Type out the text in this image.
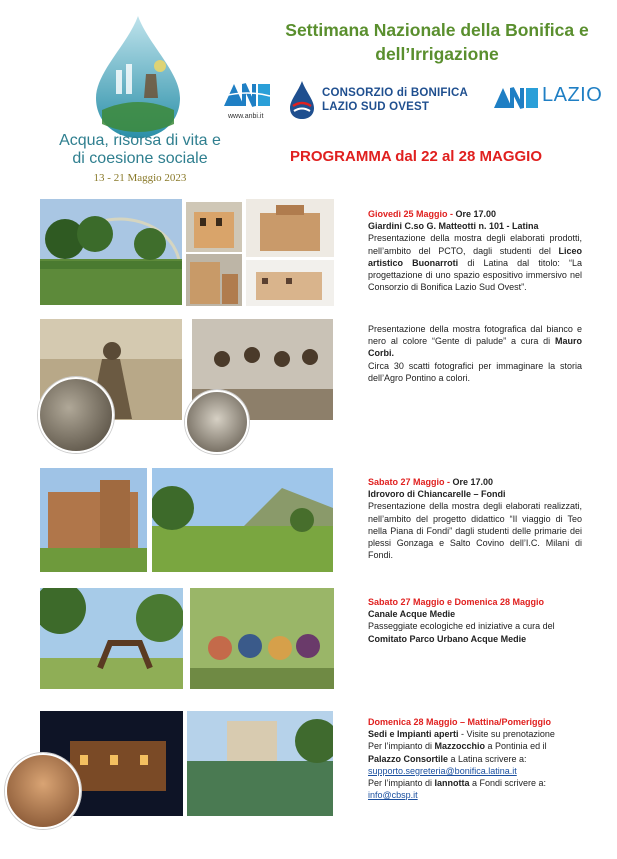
Acqua, risorsa di vita e
di coesione sociale
13 - 21 Maggio 2023
Settimana Nazionale della Bonifica e
dell’Irrigazione
www.anbi.it
CONSORZIO di BONIFICA
LAZIO SUD OVEST
LAZIO
PROGRAMMA dal 22 al 28 MAGGIO
Giovedì 25 Maggio - Ore 17.00
Giardini C.so G. Matteotti n. 101 - Latina
Presentazione della mostra degli elaborati prodotti, nell’ambito del PCTO, dagli studenti del Liceo artistico Buonarroti di Latina dal titolo: “La progettazione di uno spazio espositivo immersivo nel Consorzio di Bonifica Lazio Sud Ovest”.
Presentazione della mostra fotografica dal bianco e nero al colore “Gente di palude” a cura di Mauro Corbi.
Circa 30 scatti fotografici per immaginare la storia dell’Agro Pontino a colori.
Sabato 27 Maggio - Ore 17.00
Idrovoro di Chiancarelle – Fondi
Presentazione della mostra degli elaborati realizzati, nell’ambito del progetto didattico “Il viaggio di Teo nella Piana di Fondi” dagli studenti delle primarie dei plessi Gonzaga e Salto Covino dell’I.C. Milani di Fondi.
Sabato 27 Maggio e Domenica 28 Maggio
Canale Acque Medie
Passeggiate ecologiche ed iniziative a cura del
Comitato Parco Urbano Acque Medie
Domenica 28 Maggio – Mattina/Pomeriggio
Sedi e Impianti aperti - Visite su prenotazione
Per l’impianto di Mazzocchio a Pontinia ed il
Palazzo Consortile a Latina scrivere a:
supporto.segreteria@bonifica.latina.it
Per l’impianto di Iannotta a Fondi scrivere a:
info@cbsp.it
